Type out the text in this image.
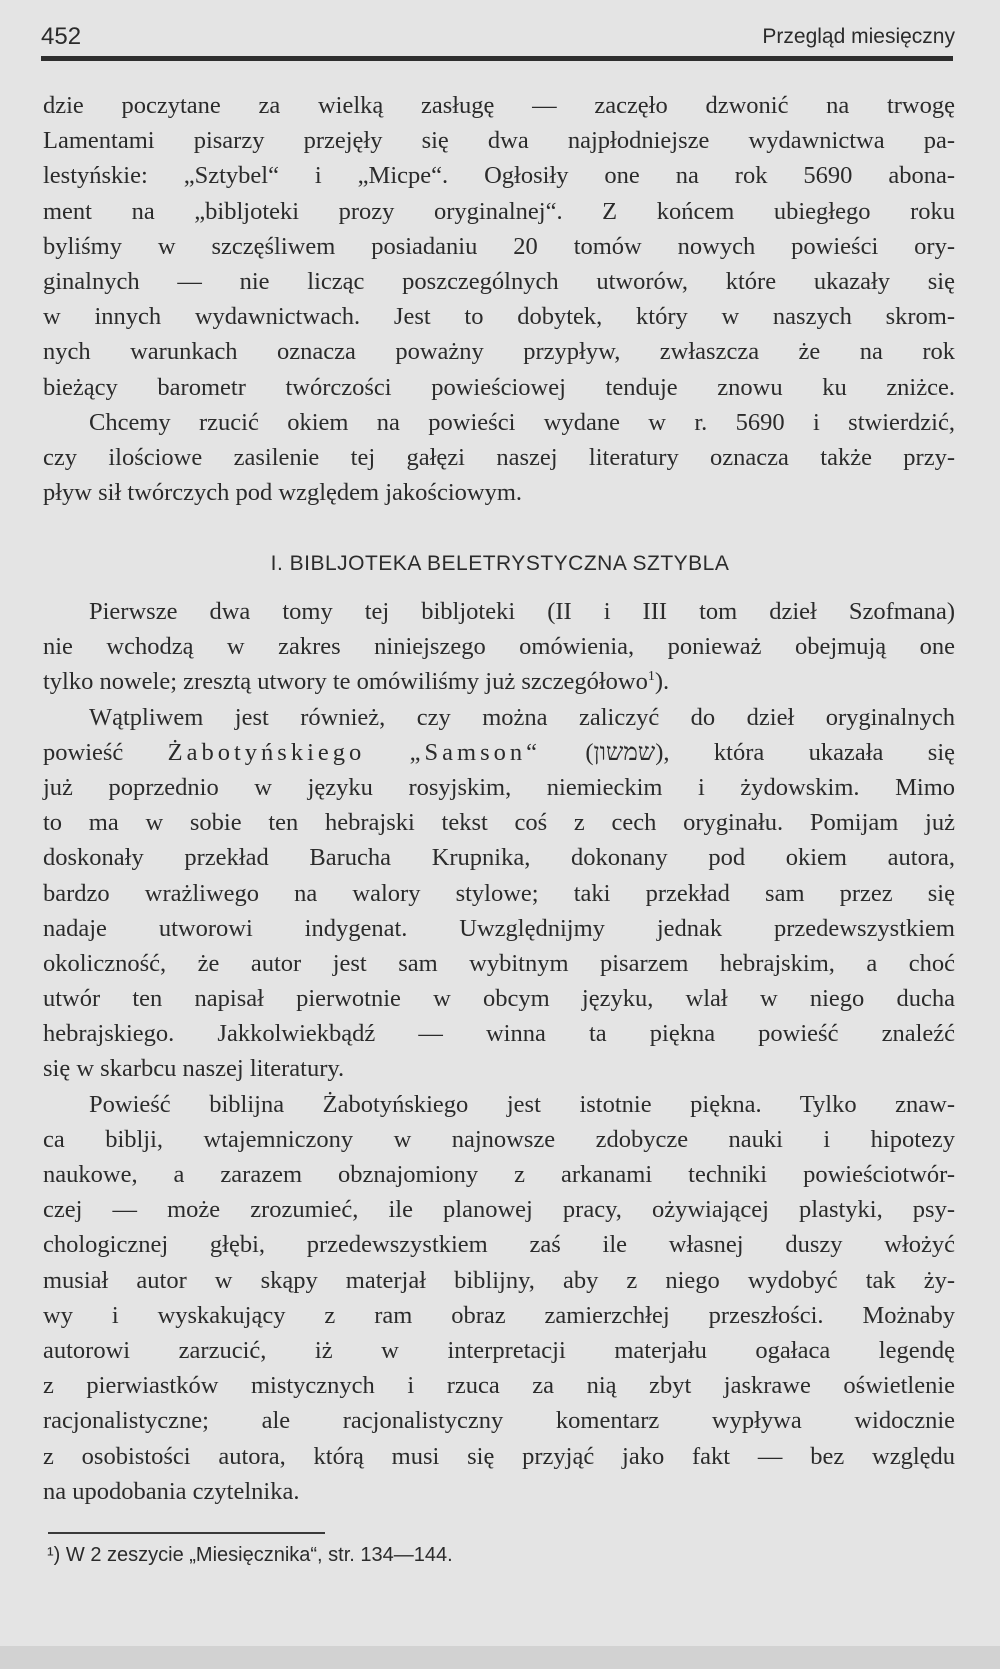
452	Przegląd miesięczny
dzie poczytane za wielką zasługę — zaczęło dzwonić na trwogę
Lamentami pisarzy przejęły się dwa najpłodniejsze wydawnictwa pa-
lestyńskie: „Sztybel“ i „Micpe“. Ogłosiły one na rok 5690 abona-
ment na „bibljoteki prozy oryginalnej“. Z końcem ubiegłego roku
byliśmy w szczęśliwem posiadaniu 20 tomów nowych powieści ory-
ginalnych — nie licząc poszczególnych utworów, które ukazały się
w innych wydawnictwach. Jest to dobytek, który w naszych skrom-
nych warunkach oznacza poważny przypływ, zwłaszcza że na rok
bieżący barometr twórczości powieściowej tenduje znowu ku zniżce.
Chcemy rzucić okiem na powieści wydane w r. 5690 i stwierdzić,
czy ilościowe zasilenie tej gałęzi naszej literatury oznacza także przy-
pływ sił twórczych pod względem jakościowym.
I. BIBLJOTEKA BELETRYSTYCZNA SZTYBLA
Pierwsze dwa tomy tej bibljoteki (II i III tom dzieł Szofmana)
nie wchodzą w zakres niniejszego omówienia, ponieważ obejmują one
tylko nowele; zresztą utwory te omówiliśmy już szczegółowo$^1$).
Wątpliwem jest również, czy można zaliczyć do dzieł oryginalnych
powieść Żabotyńskiego „Samson“ (שמשון), która ukazała się
już poprzednio w języku rosyjskim, niemieckim i żydowskim. Mimo
to ma w sobie ten hebrajski tekst coś z cech oryginału. Pomijam już
doskonały przekład Barucha Krupnika, dokonany pod okiem autora,
bardzo wrażliwego na walory stylowe; taki przekład sam przez się
nadaje utworowi indygenat. Uwzględnijmy jednak przedewszystkiem
okoliczność, że autor jest sam wybitnym pisarzem hebrajskim, a choć
utwór ten napisał pierwotnie w obcym języku, wlał w niego ducha
hebrajskiego. Jakkolwiekbądź — winna ta piękna powieść znaleźć
się w skarbcu naszej literatury.
Powieść biblijna Żabotyńskiego jest istotnie piękna. Tylko znaw-
ca biblji, wtajemniczony w najnowsze zdobycze nauki i hipotezy
naukowe, a zarazem obznajomiony z arkanami techniki powieściotwór-
czej — może zrozumieć, ile planowej pracy, ożywiającej plastyki, psy-
chologicznej głębi, przedewszystkiem zaś ile własnej duszy włożyć
musiał autor w skąpy materjał biblijny, aby z niego wydobyć tak ży-
wy i wyskakujący z ram obraz zamierzchłej przeszłości. Możnaby
autorowi zarzucić, iż w interpretacji materjału ogałaca legendę
z pierwiastków mistycznych i rzuca za nią zbyt jaskrawe oświetlenie
racjonalistyczne; ale racjonalistyczny komentarz wypływa widocznie
z osobistości autora, którą musi się przyjąć jako fakt — bez względu
na upodobania czytelnika.
¹) W 2 zeszycie „Miesięcznika“, str. 134—144.
